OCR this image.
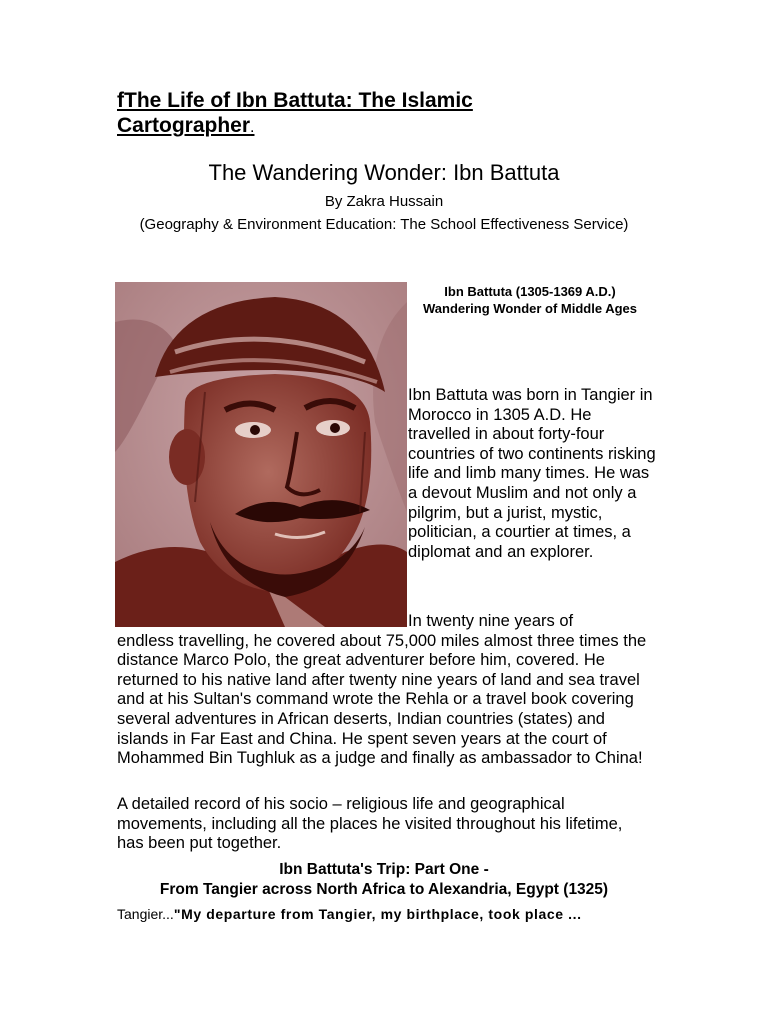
fThe Life of Ibn Battuta: The Islamic Cartographer.
The Wandering Wonder: Ibn Battuta
By Zakra Hussain
(Geography & Environment Education: The School Effectiveness Service)
Ibn Battuta (1305-1369 A.D.) Wandering Wonder of Middle Ages
Ibn Battuta was born in Tangier in Morocco in 1305 A.D. He travelled in about forty-four countries of two continents risking life and limb many times. He was a devout Muslim and not only a pilgrim, but a jurist, mystic, politician, a courtier at times, a diplomat and an explorer.
In twenty nine years of
endless travelling, he covered about 75,000 miles almost three times the distance Marco Polo, the great adventurer before him, covered. He returned to his native land after twenty nine years of land and sea travel and at his Sultan's command wrote the Rehla or a travel book covering several adventures in African deserts, Indian countries (states) and islands in Far East and China. He spent seven years at the court of Mohammed Bin Tughluk as a judge and finally as ambassador to China!
A detailed record of his socio – religious life and geographical movements, including all the places he visited throughout his lifetime, has been put together.
Ibn Battuta's Trip: Part One -
From Tangier across North Africa to Alexandria, Egypt (1325)
Tangier..."My departure from Tangier, my birthplace, took place ...
